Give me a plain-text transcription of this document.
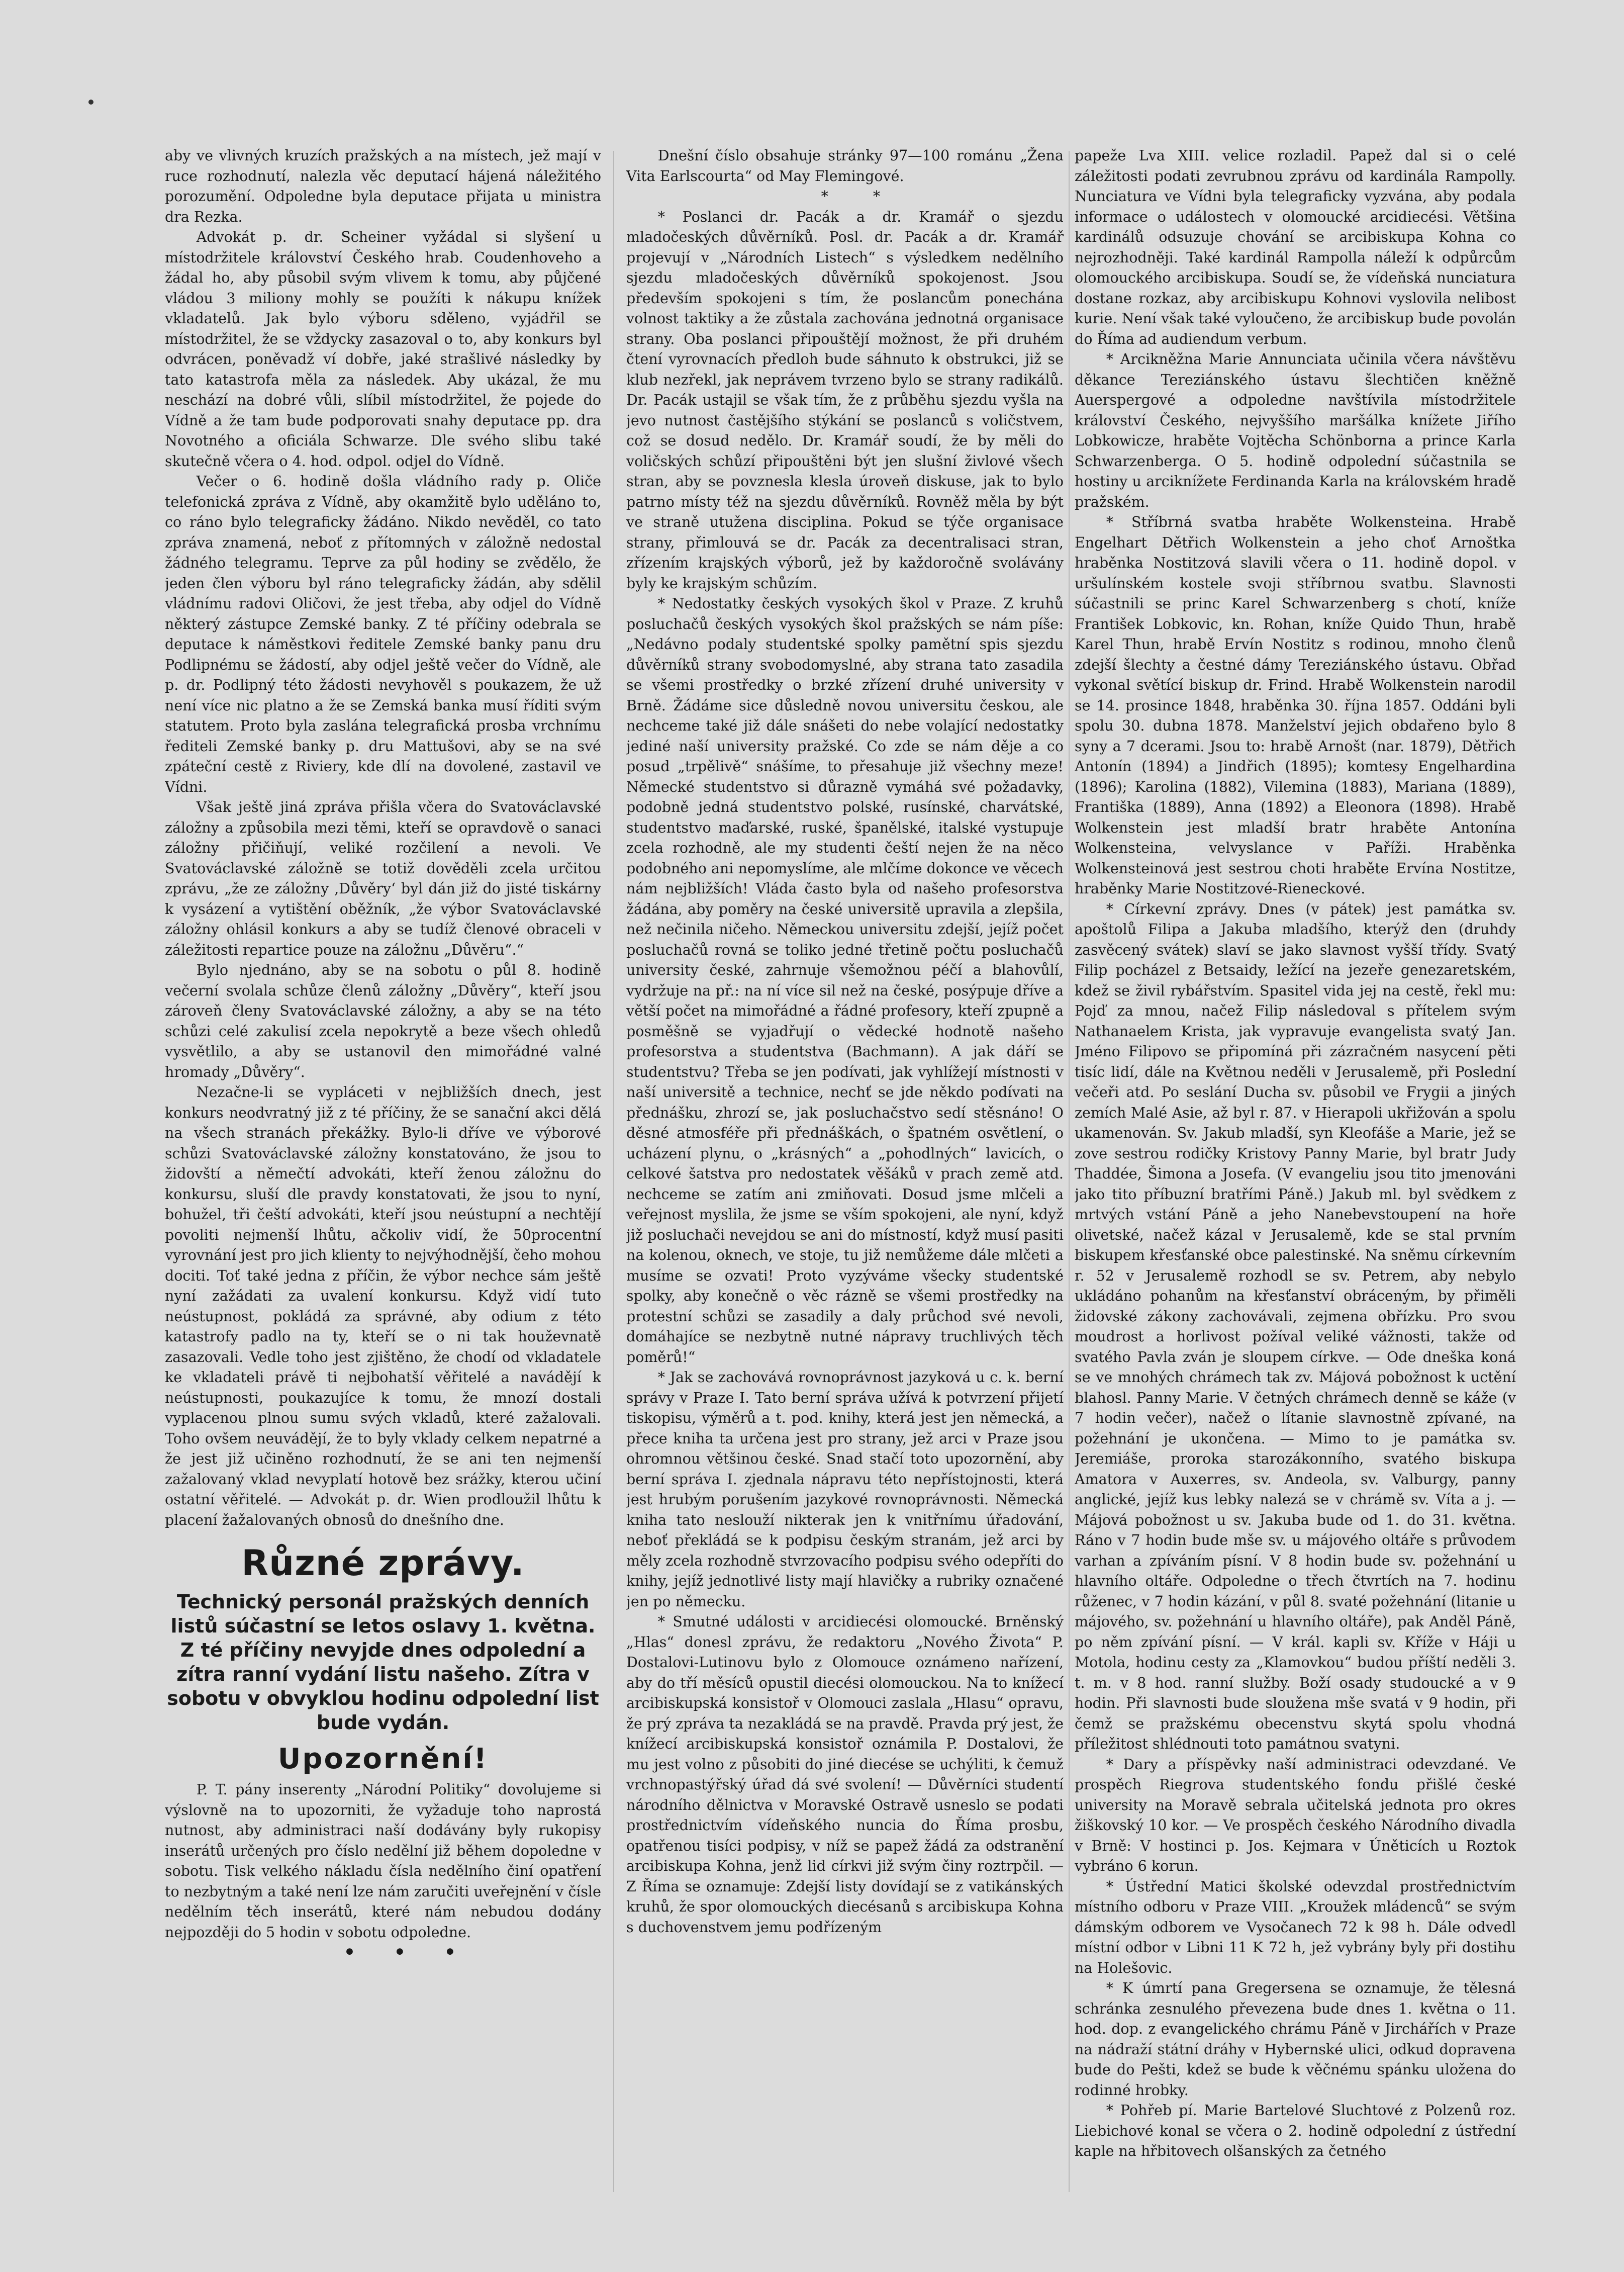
aby ve vlivných kruzích pražských a na místech, jež mají v ruce rozhodnutí, nalezla věc deputací hájená náležitého porozumění. Odpoledne byla deputace přijata u ministra dra Rezka.

Advokát p. dr. Scheiner vyžádal si slyšení u místodržitele království Českého hrab. Coudenhoveho a žádal ho, aby působil svým vlivem k tomu, aby půjčené vládou 3 miliony mohly se použíti k nákupu knížek vkladatelů. Jak bylo výboru sděleno, vyjádřil se místodržitel, že se vždycky zasazoval o to, aby konkurs byl odvrácen, poněvadž ví dobře, jaké strašlivé následky by tato katastrofa měla za následek. Aby ukázal, že mu neschází na dobré vůli, slíbil místodržitel, že pojede do Vídně a že tam bude podporovati snahy deputace pp. dra Novotného a oficiála Schwarze. Dle svého slibu také skutečně včera o 4. hod. odpol. odjel do Vídně.

Večer o 6. hodině došla vládního rady p. Oliče telefonická zpráva z Vídně, aby okamžitě bylo uděláno to, co ráno bylo telegraficky žádáno. Nikdo nevěděl, co tato zpráva znamená, neboť z přítomných v záložně nedostal žádného telegramu. Teprve za půl hodiny se zvědělo, že jeden člen výboru byl ráno telegraficky žádán, aby sdělil vládnímu radovi Oličovi, že jest třeba, aby odjel do Vídně některý zástupce Zemské banky. Z té příčiny odebrala se deputace k náměstkovi ředitele Zemské banky panu dru Podlipnému se žádostí, aby odjel ještě večer do Vídně, ale p. dr. Podlipný této žádosti nevyhověl s poukazem, že už není více nic platno a že se Zemská banka musí říditi svým statutem. Proto byla zaslána telegrafická prosba vrchnímu řediteli Zemské banky p. dru Mattušovi, aby se na své zpáteční cestě z Riviery, kde dlí na dovolené, zastavil ve Vídni.

Však ještě jiná zpráva přišla včera do Svatováclavské záložny a způsobila mezi těmi, kteří se opravdově o sanaci záložny přičiňují, veliké rozčilení a nevoli. Ve Svatováclavské záložně se totiž dověděli zcela určitou zprávu, „že ze záložny ‚Důvěry‘ byl dán již do jisté tiskárny k vysázení a vytištění oběžník, „že výbor Svatováclavské záložny ohlásil konkurs a aby se tudíž členové obraceli v záležitosti repartice pouze na záložnu „Důvěru“.“

Bylo njednáno, aby se na sobotu o půl 8. hodině večerní svolala schůze členů záložny „Důvěry“, kteří jsou zároveň členy Svatováclavské záložny, a aby se na této schůzi celé zakulisí zcela nepokrytě a beze všech ohledů vysvětlilo, a aby se ustanovil den mimořádné valné hromady „Důvěry“.

Nezačne-li se vypláceti v nejbližších dnech, jest konkurs neodvratný již z té příčiny, že se sanační akci dělá na všech stranách překážky. Bylo-li dříve ve výborové schůzi Svatováclavské záložny konstatováno, že jsou to židovští a němečtí advokáti, kteří ženou záložnu do konkursu, sluší dle pravdy konstatovati, že jsou to nyní, bohužel, tři čeští advokáti, kteří jsou neústupní a nechtějí povoliti nejmenší lhůtu, ačkoliv vidí, že 50procentní vyrovnání jest pro jich klienty to nejvýhodnější, čeho mohou dociti. Toť také jedna z příčin, že výbor nechce sám ještě nyní zažádati za uvalení konkursu. Když vidí tuto neústupnost, pokládá za správné, aby odium z této katastrofy padlo na ty, kteří se o ni tak houževnatě zasazovali. Vedle toho jest zjištěno, že chodí od vkladatele ke vkladateli právě ti nejbohatší věřitelé a navádějí k neústupnosti, poukazujíce k tomu, že mnozí dostali vyplacenou plnou sumu svých vkladů, které zažalovali. Toho ovšem neuvádějí, že to byly vklady celkem nepatrné a že jest již učiněno rozhodnutí, že se ani ten nejmenší zažalovaný vklad nevyplatí hotově bez srážky, kterou učiní ostatní věřitelé. — Advokát p. dr. Wien prodloužil lhůtu k placení žažalovaných obnosů do dnešního dne.

Různé zprávy.
Technický personál pražských denních listů súčastní se letos oslavy 1. května. Z té příčiny nevyjde dnes odpolední a zítra ranní vydání listu našeho. Zítra v sobotu v obvyklou hodinu odpolední list bude vydán.
Upozornění!

P. T. pány inserenty „Národní Politiky“ dovolujeme si výslovně na to upozorniti, že vyžaduje toho naprostá nutnost, aby administraci naší dodávány byly rukopisy inserátů určených pro číslo nedělní již během dopoledne v sobotu. Tisk velkého nákladu čísla nedělního činí opatření to nezbytným a také není lze nám zaručiti uveřejnění v čísle nedělním těch inserátů, které nám nebudou dodány nejpozději do 5 hodin v sobotu odpoledne.

• • •

Dnešní číslo obsahuje stránky 97—100 románu „Žena Vita Earlscourta“ od May Flemingové.

* *

* Poslanci dr. Pacák a dr. Kramář o sjezdu mladočeských důvěrníků. Posl. dr. Pacák a dr. Kramář projevují v „Národních Listech“ s výsledkem nedělního sjezdu mladočeských důvěrníků spokojenost. Jsou především spokojeni s tím, že poslancům ponechána volnost taktiky a že zůstala zachována jednotná organisace strany. Oba poslanci připouštějí možnost, že při druhém čtení vyrovnacích předloh bude sáhnuto k obstrukci, již se klub nezřekl, jak neprávem tvrzeno bylo se strany radikálů. Dr. Pacák ustajil se však tím, že z průběhu sjezdu vyšla na jevo nutnost častějšího stýkání se poslanců s voličstvem, což se dosud nedělo. Dr. Kramář soudí, že by měli do voličských schůzí připouštěni být jen slušní živlové všech stran, aby se povznesla klesla úroveň diskuse, jak to bylo patrno místy též na sjezdu důvěrníků. Rovněž měla by být ve straně utužena disciplina. Pokud se týče organisace strany, přimlouvá se dr. Pacák za decentralisaci stran, zřízením krajských výborů, jež by každoročně svolávány byly ke krajským schůzím.

* Nedostatky českých vysokých škol v Praze. Z kruhů posluchačů českých vysokých škol pražských se nám píše: „Nedávno podaly studentské spolky pamětní spis sjezdu důvěrníků strany svobodomyslné, aby strana tato zasadila se všemi prostředky o brzké zřízení druhé university v Brně. Žádáme sice důsledně novou universitu českou, ale nechceme také již dále snášeti do nebe volající nedostatky jediné naší university pražské. Co zde se nám děje a co posud „trpělivě“ snášíme, to přesahuje již všechny meze! Německé studentstvo si důrazně vymáhá své požadavky, podobně jedná studentstvo polské, rusínské, charvátské, studentstvo maďarské, ruské, španělské, italské vystupuje zcela rozhodně, ale my studenti čeští nejen že na něco podobného ani nepomyslíme, ale mlčíme dokonce ve věcech nám nejbližších! Vláda často byla od našeho profesorstva žádána, aby poměry na české universitě upravila a zlepšila, než nečinila ničeho. Německou universitu zdejší, jejíž počet posluchačů rovná se toliko jedné třetině počtu posluchačů university české, zahrnuje všemožnou péčí a blahovůlí, vydržuje na př.: na ní více sil než na české, posýpuje dříve a větší počet na mimořádné a řádné profesory, kteří zpupně a posměšně se vyjadřují o vědecké hodnotě našeho profesorstva a studentstva (Bachmann). A jak dáří se studentstvu? Třeba se jen podívati, jak vyhlížejí místnosti v naší universitě a technice, nechť se jde někdo podívati na přednášku, zhrozí se, jak posluchačstvo sedí stěsnáno! O děsné atmosféře při přednáškách, o špatném osvětlení, o ucházení plynu, o „krásných“ a „pohodlných“ lavicích, o celkové šatstva pro nedostatek věšáků v prach země atd. nechceme se zatím ani zmiňovati. Dosud jsme mlčeli a veřejnost myslila, že jsme se vším spokojeni, ale nyní, když již posluchači nevejdou se ani do místností, když musí pasiti na kolenou, oknech, ve stoje, tu již nemůžeme dále mlčeti a musíme se ozvati! Proto vyzýváme všecky studentské spolky, aby konečně o věc rázně se všemi prostředky na protestní schůzi se zasadily a daly průchod své nevoli, domáhajíce se nezbytně nutné nápravy truchlivých těch poměrů!“

* Jak se zachovává rovnoprávnost jazyková u c. k. berní správy v Praze I. Tato berní správa užívá k potvrzení přijetí tiskopisu, výměrů a t. pod. knihy, která jest jen německá, a přece kniha ta určena jest pro strany, jež arci v Praze jsou ohromnou většinou české. Snad stačí toto upozornění, aby berní správa I. zjednala nápravu této nepřístojnosti, která jest hrubým porušením jazykové rovnoprávnosti. Německá kniha tato neslouží nikterak jen k vnitřnímu úřadování, neboť překládá se k podpisu českým stranám, jež arci by měly zcela rozhodně stvrzovacího podpisu svého odepříti do knihy, jejíž jednotlivé listy mají hlavičky a rubriky označené jen po německu.

* Smutné události v arcidiecési olomoucké. Brněnský „Hlas“ donesl zprávu, že redaktoru „Nového Života“ P. Dostalovi-Lutinovu bylo z Olomouce oznámeno nařízení, aby do tří měsíců opustil diecési olomouckou. Na to knížecí arcibiskupská konsistoř v Olomouci zaslala „Hlasu“ opravu, že prý zpráva ta nezakládá se na pravdě. Pravda prý jest, že knížecí arcibiskupská konsistoř oznámila P. Dostalovi, že mu jest volno z působiti do jiné diecése se uchýliti, k čemuž vrchnopastýřský úřad dá své svolení! — Důvěrníci studentí národního dělnictva v Moravské Ostravě usneslo se podati prostřednictvím vídeňského nuncia do Říma prosbu, opatřenou tisíci podpisy, v níž se papež žádá za odstranění arcibiskupa Kohna, jenž lid církvi již svým činy roztrpčil. — Z Říma se oznamuje: Zdejší listy dovídají se z vatikánských kruhů, že spor olomouckých diecésanů s arcibiskupa Kohna s duchovenstvem jemu podřízeným

papeže Lva XIII. velice rozladil. Papež dal si o celé záležitosti podati zevrubnou zprávu od kardinála Rampolly. Nunciatura ve Vídni byla telegraficky vyzvána, aby podala informace o událostech v olomoucké arcidiecési. Většina kardinálů odsuzuje chování se arcibiskupa Kohna co nejrozhodněji. Také kardinál Rampolla náleží k odpůrcům olomouckého arcibiskupa. Soudí se, že vídeňská nunciatura dostane rozkaz, aby arcibiskupu Kohnovi vyslovila nelibost kurie. Není však také vyloučeno, že arcibiskup bude povolán do Říma ad audiendum verbum.

* Arcikněžna Marie Annunciata učinila včera návštěvu děkance Tereziánského ústavu šlechtičen kněžně Auerspergové a odpoledne navštívila místodržitele království Českého, nejvyššího maršálka knížete Jiřího Lobkowicze, hraběte Vojtěcha Schönborna a prince Karla Schwarzenberga. O 5. hodině odpolední súčastnila se hostiny u arciknížete Ferdinanda Karla na královském hradě pražském.

* Stříbrná svatba hraběte Wolkensteina. Hrabě Engelhart Dětřich Wolkenstein a jeho choť Arnoštka hraběnka Nostitzová slavili včera o 11. hodině dopol. v uršulínském kostele svoji stříbrnou svatbu. Slavnosti súčastnili se princ Karel Schwarzenberg s chotí, kníže František Lobkovic, kn. Rohan, kníže Quido Thun, hrabě Karel Thun, hrabě Ervín Nostitz s rodinou, mnoho členů zdejší šlechty a čestné dámy Tereziánského ústavu. Obřad vykonal světící biskup dr. Frind. Hrabě Wolkenstein narodil se 14. prosince 1848, hraběnka 30. října 1857. Oddáni byli spolu 30. dubna 1878. Manželství jejich obdařeno bylo 8 syny a 7 dcerami. Jsou to: hrabě Arnošt (nar. 1879), Dětřich Antonín (1894) a Jindřich (1895); komtesy Engelhardina (1896); Karolina (1882), Vilemina (1883), Mariana (1889), Františka (1889), Anna (1892) a Eleonora (1898). Hrabě Wolkenstein jest mladší bratr hraběte Antonína Wolkensteina, velvyslance v Paříži. Hraběnka Wolkensteinová jest sestrou choti hraběte Ervína Nostitze, hraběnky Marie Nostitzové-Rieneckové.

* Církevní zprávy. Dnes (v pátek) jest památka sv. apoštolů Filipa a Jakuba mladšího, kterýž den (druhdy zasvěcený svátek) slaví se jako slavnost vyšší třídy. Svatý Filip pocházel z Betsaidy, ležící na jezeře genezaretském, kdež se živil rybářstvím. Spasitel vida jej na cestě, řekl mu: Pojď za mnou, načež Filip následoval s přítelem svým Nathanaelem Krista, jak vypravuje evangelista svatý Jan. Jméno Filipovo se připomíná při zázračném nasycení pěti tisíc lidí, dále na Květnou neděli v Jerusalemě, při Poslední večeři atd. Po seslání Ducha sv. působil ve Frygii a jiných zemích Malé Asie, až byl r. 87. v Hierapoli ukřižován a spolu ukamenován. Sv. Jakub mladší, syn Kleofáše a Marie, jež se zove sestrou rodičky Kristovy Panny Marie, byl bratr Judy Thaddée, Šimona a Josefa. (V evangeliu jsou tito jmenováni jako tito příbuzní bratřími Páně.) Jakub ml. byl svědkem z mrtvých vstání Páně a jeho Nanebevstoupení na hoře olivetské, načež kázal v Jerusalemě, kde se stal prvním biskupem křesťanské obce palestinské. Na sněmu církevním r. 52 v Jerusalemě rozhodl se sv. Petrem, aby nebylo ukládáno pohanům na křesťanství obráceným, by přiměli židovské zákony zachovávali, zejmena obřízku. Pro svou moudrost a horlivost požíval veliké vážnosti, takže od svatého Pavla zván je sloupem církve. — Ode dneška koná se ve mnohých chrámech tak zv. Májová pobožnost k uctění blahosl. Panny Marie. V četných chrámech denně se káže (v 7 hodin večer), načež o lítanie slavnostně zpívané, na požehnání je ukončena. — Mimo to je památka sv. Jeremiáše, proroka starozákonního, svatého biskupa Amatora v Auxerres, sv. Andeola, sv. Valburgy, panny anglické, jejíž kus lebky nalezá se v chrámě sv. Víta a j. — Májová pobožnost u sv. Jakuba bude od 1. do 31. května. Ráno v 7 hodin bude mše sv. u májového oltáře s průvodem varhan a zpíváním písní. V 8 hodin bude sv. požehnání u hlavního oltáře. Odpoledne o třech čtvrtích na 7. hodinu růženec, v 7 hodin kázání, v půl 8. svaté požehnání (litanie u májového, sv. požehnání u hlavního oltáře), pak Anděl Páně, po něm zpívání písní. — V král. kapli sv. Kříže v Háji u Motola, hodinu cesty za „Klamovkou“ budou příští neděli 3. t. m. v 8 hod. ranní služby. Boží osady studoucké a v 9 hodin. Při slavnosti bude sloužena mše svatá v 9 hodin, při čemž se pražskému obecenstvu skytá spolu vhodná příležitost shlédnouti toto památnou svatyni.

* Dary a příspěvky naší administraci odevzdané. Ve prospěch Riegrova studentského fondu přišlé české university na Moravě sebrala učitelská jednota pro okres žiškovský 10 kor. — Ve prospěch českého Národního divadla v Brně: V hostinci p. Jos. Kejmara v Úněticích u Roztok vybráno 6 korun.

* Ústřední Matici školské odevzdal prostřednictvím místního odboru v Praze VIII. „Kroužek mládenců“ se svým dámským odborem ve Vysočanech 72 k 98 h. Dále odvedl místní odbor v Libni 11 K 72 h, jež vybrány byly při dostihu na Holešovic.

* K úmrtí pana Gregersena se oznamuje, že tělesná schránka zesnulého převezena bude dnes 1. května o 11. hod. dop. z evangelického chrámu Páně v Jirchářích v Praze na nádraží státní dráhy v Hybernské ulici, odkud dopravena bude do Pešti, kdež se bude k věčnému spánku uložena do rodinné hrobky.

* Pohřeb pí. Marie Bartelové Sluchtové z Polzenů roz. Liebichové konal se včera o 2. hodině odpolední z ústřední kaple na hřbitovech olšanských za četného
